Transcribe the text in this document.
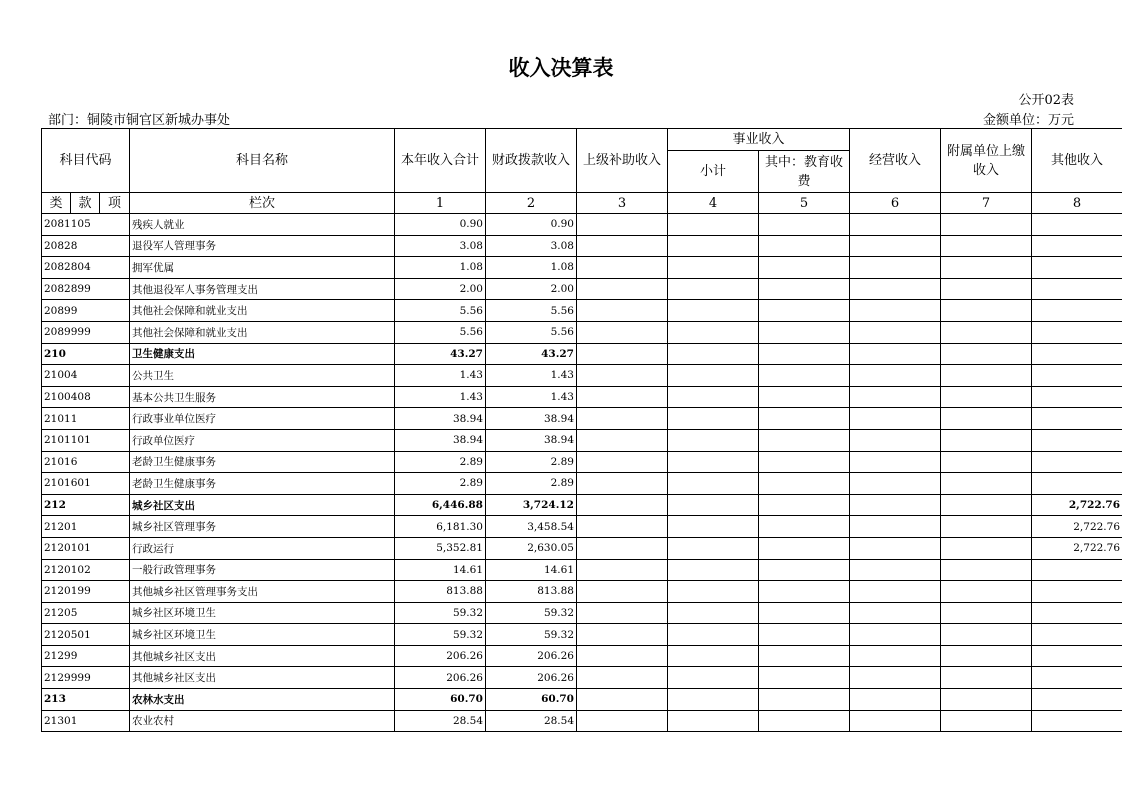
收入决算表
公开02表
部门：铜陵市铜官区新城办事处	金额单位：万元
科目代码			科目名称	本年收入合计	财政拨款收入	上级补助收入	事业收入		经营收入	附属单位上缴收入	其他收入
							小计	其中：教育收费			
类	款	项	栏次	1	2	3	4	5	6	7	8
2081105			残疾人就业	0.90	0.90						
20828			退役军人管理事务	3.08	3.08						
2082804			拥军优属	1.08	1.08						
2082899			其他退役军人事务管理支出	2.00	2.00						
20899			其他社会保障和就业支出	5.56	5.56						
2089999			其他社会保障和就业支出	5.56	5.56						
210			卫生健康支出	43.27	43.27						
21004			公共卫生	1.43	1.43						
2100408			基本公共卫生服务	1.43	1.43						
21011			行政事业单位医疗	38.94	38.94						
2101101			行政单位医疗	38.94	38.94						
21016			老龄卫生健康事务	2.89	2.89						
2101601			老龄卫生健康事务	2.89	2.89						
212			城乡社区支出	6,446.88	3,724.12						2,722.76
21201			城乡社区管理事务	6,181.30	3,458.54						2,722.76
2120101			行政运行	5,352.81	2,630.05						2,722.76
2120102			一般行政管理事务	14.61	14.61						
2120199			其他城乡社区管理事务支出	813.88	813.88						
21205			城乡社区环境卫生	59.32	59.32						
2120501			城乡社区环境卫生	59.32	59.32						
21299			其他城乡社区支出	206.26	206.26						
2129999			其他城乡社区支出	206.26	206.26						
213			农林水支出	60.70	60.70						
21301			农业农村	28.54	28.54						
